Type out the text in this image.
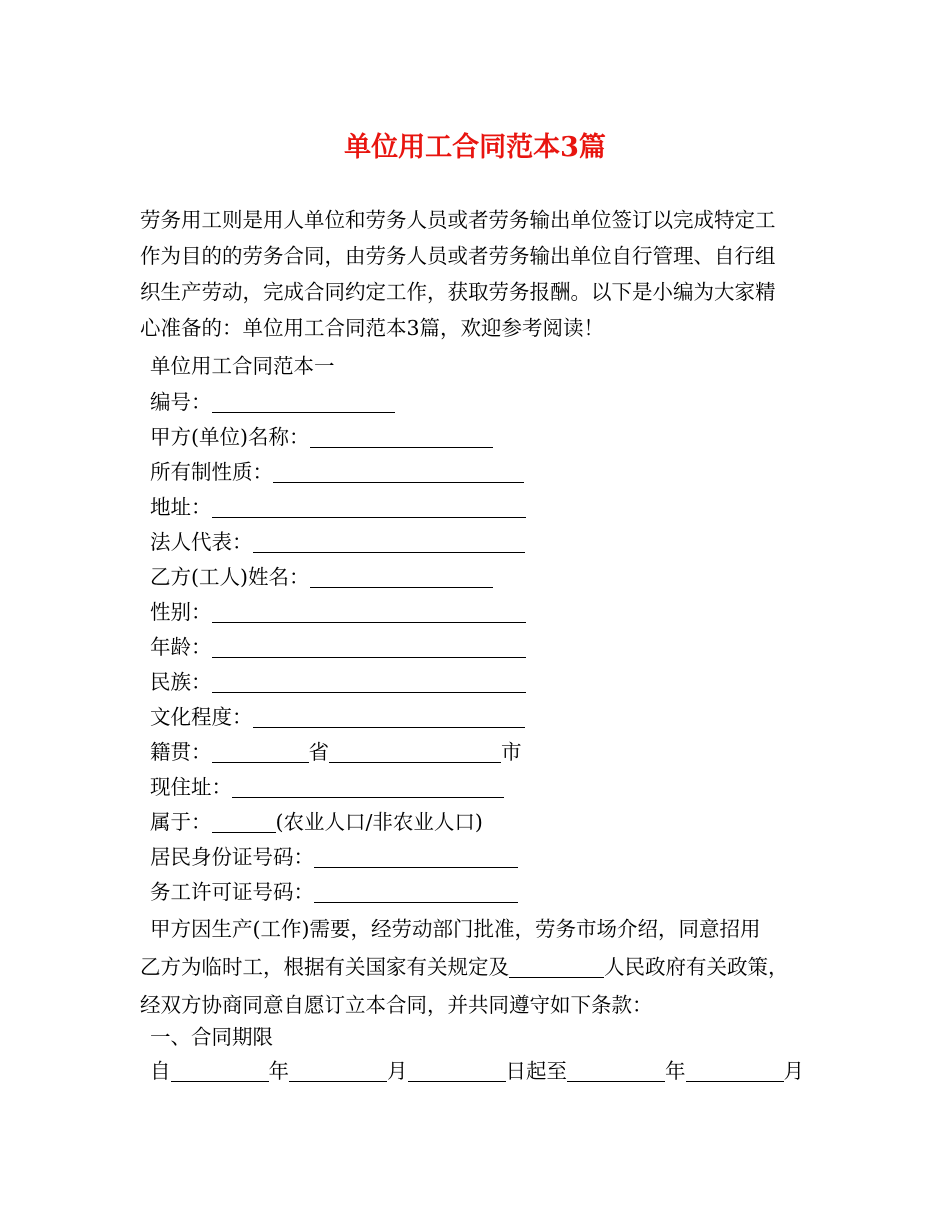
单位用工合同范本3篇
劳务用工则是用人单位和劳务人员或者劳务输出单位签订以完成特定工
作为目的的劳务合同，由劳务人员或者劳务输出单位自行管理、自行组
织生产劳动，完成合同约定工作，获取劳务报酬。以下是小编为大家精
心准备的：单位用工合同范本3篇，欢迎参考阅读！
单位用工合同范本一
编号：
甲方(单位)名称：
所有制性质：
地址：
法人代表：
乙方(工人)姓名：
性别：
年龄：
民族：
文化程度：
籍贯：	省	市
现住址：
属于：	(农业人口/非农业人口)
居民身份证号码：
务工许可证号码：
甲方因生产(工作)需要，经劳动部门批准，劳务市场介绍，同意招用
乙方为临时工，根据有关国家有关规定及	人民政府有关政策，
经双方协商同意自愿订立本合同，并共同遵守如下条款：
一、合同期限
自	年	月	日起至	年	月
